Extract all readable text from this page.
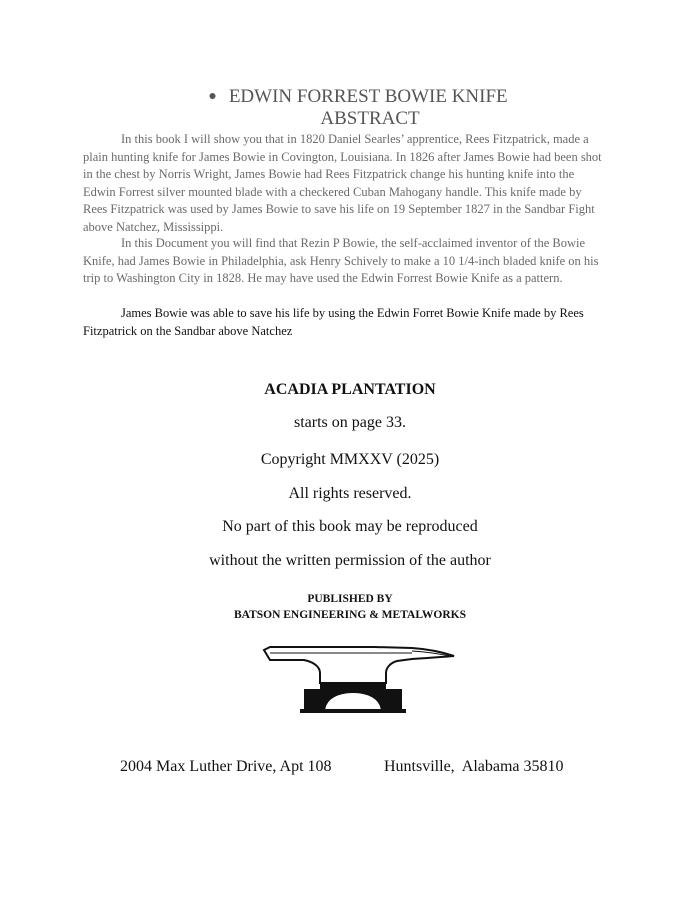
● EDWIN FORREST BOWIE KNIFE
ABSTRACT

In this book I will show you that in 1820 Daniel Searles’ apprentice, Rees Fitzpatrick, made a plain hunting knife for James Bowie in Covington, Louisiana. In 1826 after James Bowie had been shot in the chest by Norris Wright, James Bowie had Rees Fitzpatrick change his hunting knife into the Edwin Forrest silver mounted blade with a checkered Cuban Mahogany handle. This knife made by Rees Fitzpatrick was used by James Bowie to save his life on 19 September 1827 in the Sandbar Fight above Natchez, Mississippi.

In this Document you will find that Rezin P Bowie, the self-acclaimed inventor of the Bowie Knife, had James Bowie in Philadelphia, ask Henry Schively to make a 10 1/4-inch bladed knife on his trip to Washington City in 1828. He may have used the Edwin Forrest Bowie Knife as a pattern.

James Bowie was able to save his life by using the Edwin Forret Bowie Knife made by Rees Fitzpatrick on the Sandbar above Natchez

ACADIA PLANTATION
starts on page 33.
Copyright MMXXV (2025)
All rights reserved.
No part of this book may be reproduced
without the written permission of the author
PUBLISHED BY
BATSON ENGINEERING & METALWORKS
2004 Max Luther Drive, Apt 108	Huntsville,  Alabama 35810
